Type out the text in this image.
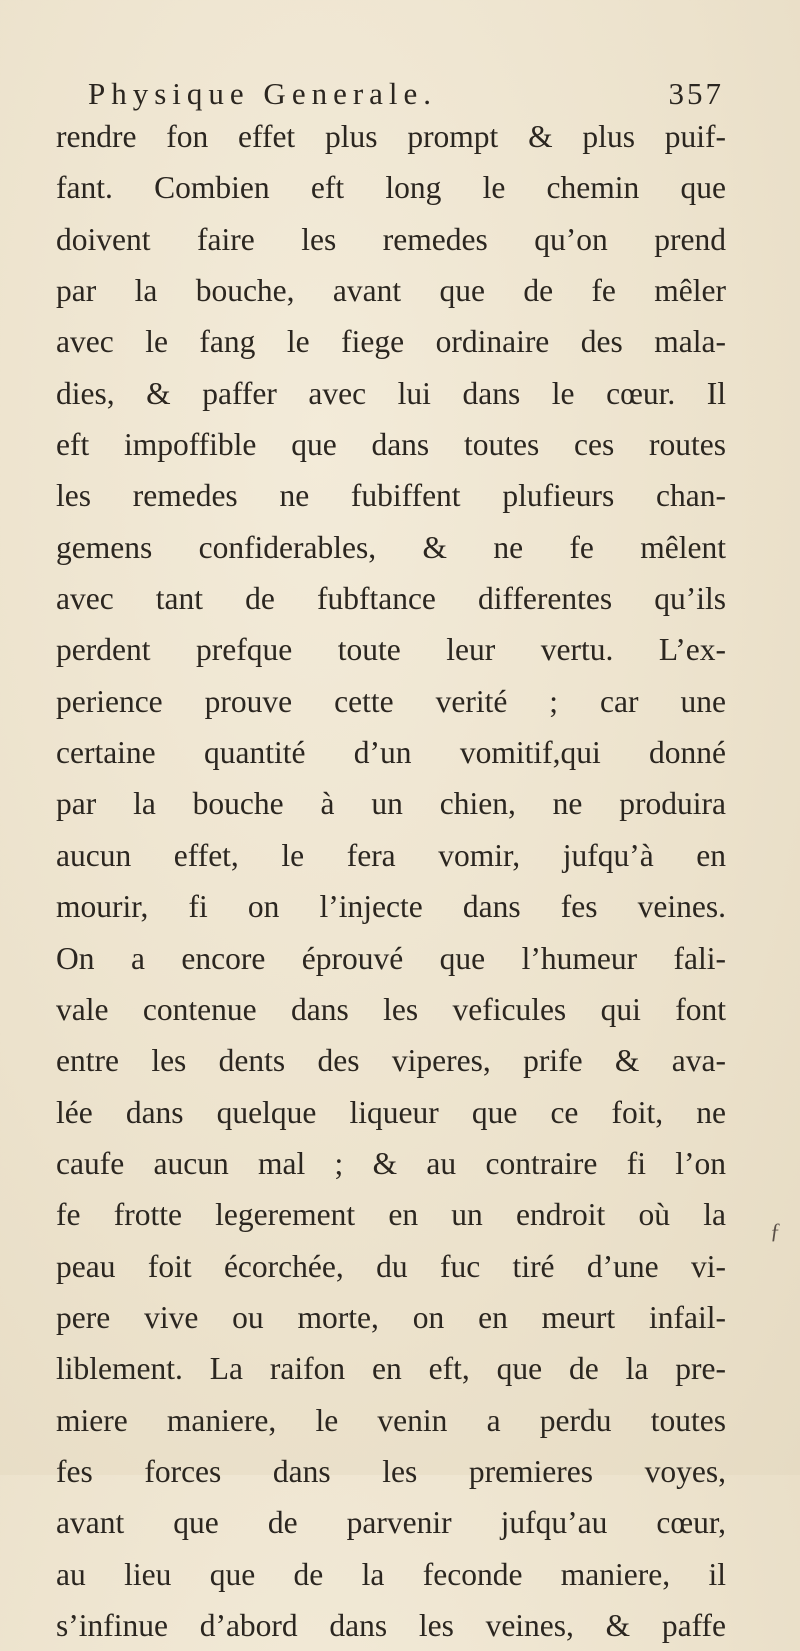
Physique Generale.	357
rendre fon effet plus prompt & plus puif-
fant. Combien eft long le chemin que
doivent faire les remedes qu’on prend
par la bouche, avant que de fe mêler
avec le fang le fiege ordinaire des mala-
dies, & paffer avec lui dans le cœur. Il
eft impoffible que dans toutes ces routes
les remedes ne fubiffent plufieurs chan-
gemens confiderables, & ne fe mêlent
avec tant de fubftance differentes qu’ils
perdent prefque toute leur vertu. L’ex-
perience prouve cette verité ; car une
certaine quantité d’un vomitif,qui donné
par la bouche à un chien, ne produira
aucun effet, le fera vomir, jufqu’à en
mourir, fi on l’injecte dans fes veines.
On a encore éprouvé que l’humeur fali-
vale contenue dans les veficules qui font
entre les dents des viperes, prife & ava-
lée dans quelque liqueur que ce foit, ne
caufe aucun mal ; & au contraire fi l’on
fe frotte legerement en un endroit où la
peau foit écorchée, du fuc tiré d’une vi-
pere vive ou morte, on en meurt infail-
liblement. La raifon en eft, que de la pre-
miere maniere, le venin a perdu toutes
fes forces dans les premieres voyes,
avant que de parvenir jufqu’au cœur,
au lieu que de la feconde maniere, il
s’infinue d’abord dans les veines, & paffe
ƒ
